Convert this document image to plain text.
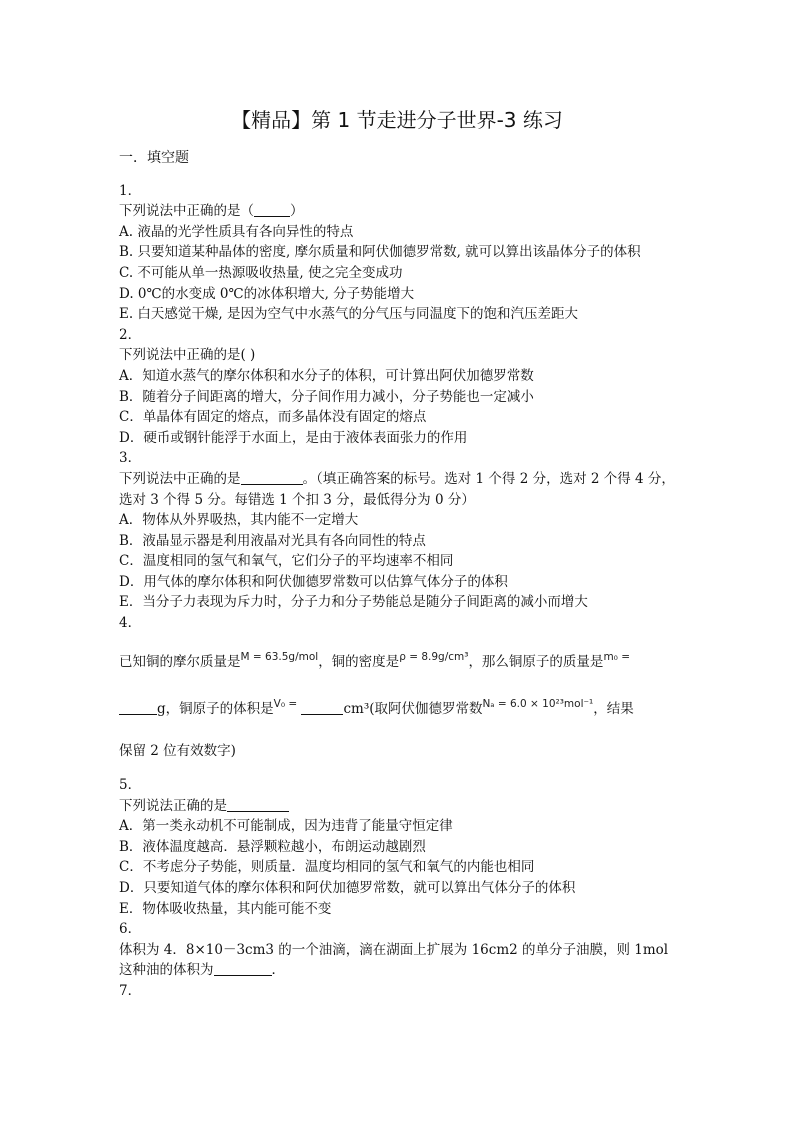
【精品】第 1 节走进分子世界-3 练习
一．填空题
1．
下列说法中正确的是（	）
A. 液晶的光学性质具有各向异性的特点
B. 只要知道某种晶体的密度, 摩尔质量和阿伏伽德罗常数, 就可以算出该晶体分子的体积
C. 不可能从单一热源吸收热量, 使之完全变成功
D. 0℃的水变成 0℃的冰体积增大, 分子势能增大
E. 白天感觉干燥, 是因为空气中水蒸气的分气压与同温度下的饱和汽压差距大
2．
下列说法中正确的是( )
A．知道水蒸气的摩尔体积和水分子的体积，可计算出阿伏加德罗常数
B．随着分子间距离的增大，分子间作用力减小，分子势能也一定减小
C．单晶体有固定的熔点，而多晶体没有固定的熔点
D．硬币或钢针能浮于水面上，是由于液体表面张力的作用
3．
下列说法中正确的是	。（填正确答案的标号。选对 1 个得 2 分，选对 2 个得 4 分，选对 3 个得 5 分。每错选 1 个扣 3 分，最低得分为 0 分）
A．物体从外界吸热，其内能不一定增大
B．液晶显示器是利用液晶对光具有各向同性的特点
C．温度相同的氢气和氧气，它们分子的平均速率不相同
D．用气体的摩尔体积和阿伏伽德罗常数可以估算气体分子的体积
E．当分子力表现为斥力时，分子力和分子势能总是随分子间距离的减小而增大
4．
已知铜的摩尔质量是$^{M = 63.5g/mol}$，铜的密度是$^{\rho = 8.9g/cm^3}$，那么铜原子的质量是$^{m_0 =}$
g，铜原子的体积是$^{V_0 =}$	cm³(取阿伏伽德罗常数$^{N_a = 6.0 \times 10^{23}mol^{-1}}$，结果
保留 2 位有效数字)
5．
下列说法正确的是
A．第一类永动机不可能制成，因为违背了能量守恒定律
B．液体温度越高．悬浮颗粒越小，布朗运动越剧烈
C．不考虑分子势能，则质量．温度均相同的氢气和氧气的内能也相同
D．只要知道气体的摩尔体积和阿伏加德罗常数，就可以算出气体分子的体积
E．物体吸收热量，其内能可能不变
6．
体积为 4．8×10－3cm3 的一个油滴，滴在湖面上扩展为 16cm2 的单分子油膜，则 1mol 这种油的体积为	．
7．
